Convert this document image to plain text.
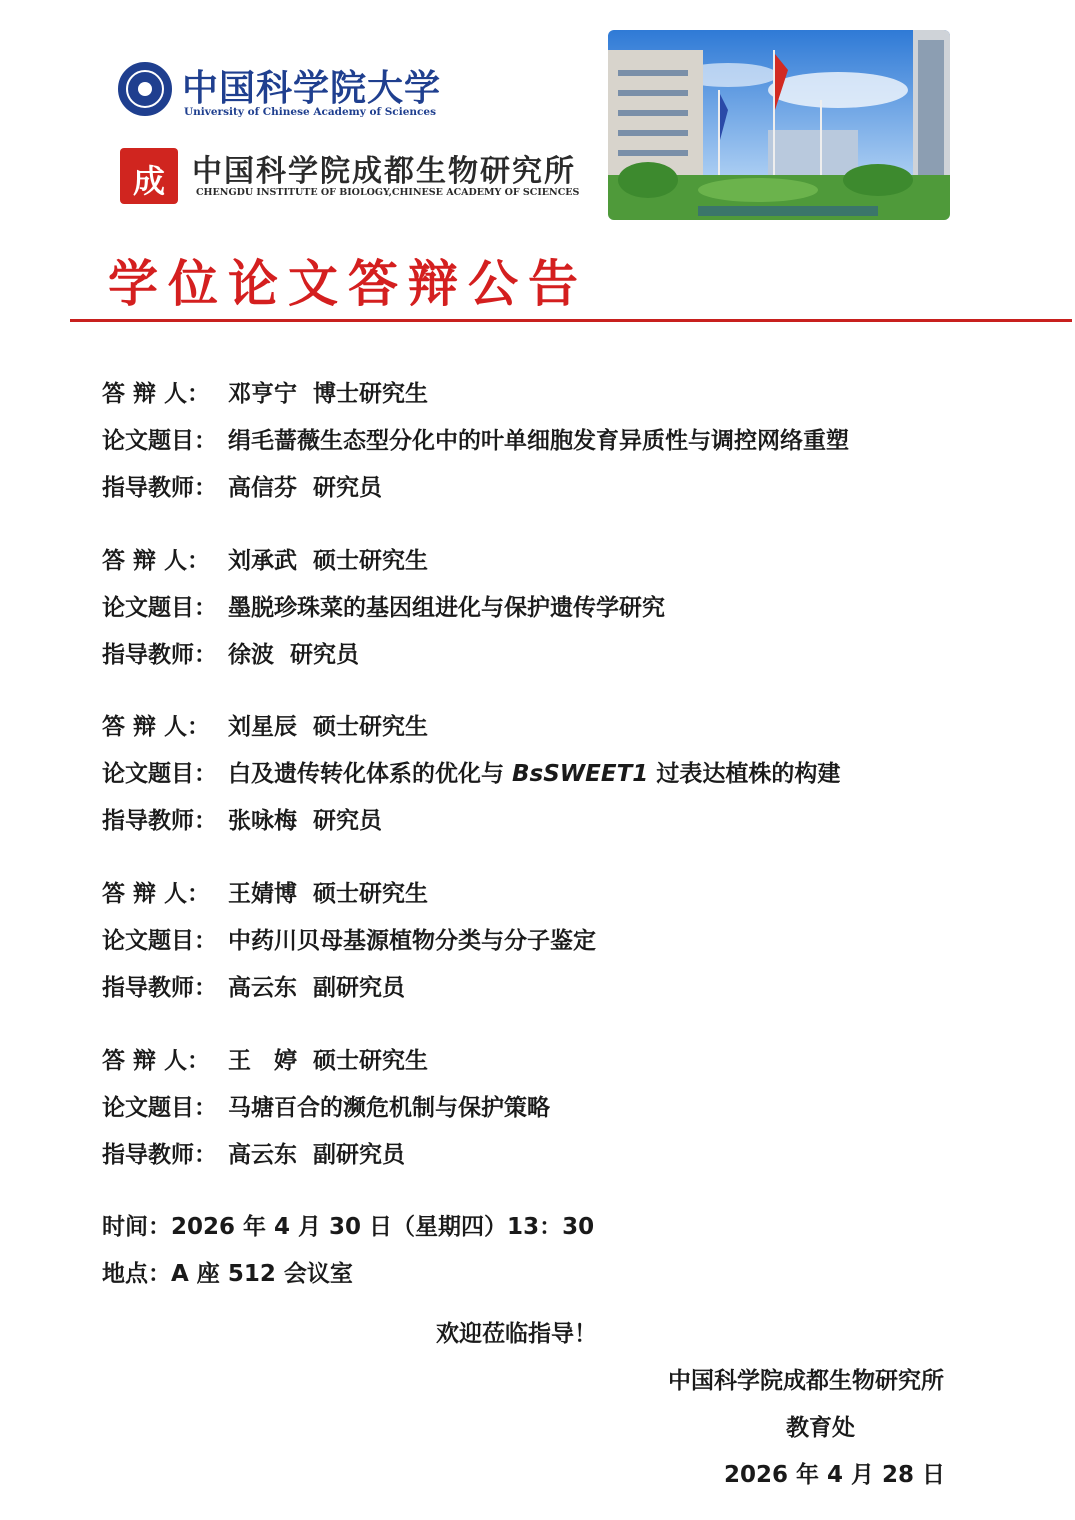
中国科学院大学
University of Chinese Academy of Sciences
成 中国科学院成都生物研究所
CHENGDU INSTITUTE OF BIOLOGY,CHINESE ACADEMY OF SCIENCES
学位论文答辩公告
答 辩 人： 邓亨宁 博士研究生
论文题目： 绢毛蔷薇生态型分化中的叶单细胞发育异质性与调控网络重塑
指导教师： 高信芬 研究员
答 辩 人： 刘承武 硕士研究生
论文题目： 墨脱珍珠菜的基因组进化与保护遗传学研究
指导教师： 徐波 研究员
答 辩 人： 刘星辰 硕士研究生
论文题目： 白及遗传转化体系的优化与 BsSWEET1 过表达植株的构建
指导教师： 张咏梅 研究员
答 辩 人： 王婧博 硕士研究生
论文题目： 中药川贝母基源植物分类与分子鉴定
指导教师： 高云东 副研究员
答 辩 人： 王　婷 硕士研究生
论文题目： 马塘百合的濒危机制与保护策略
指导教师： 高云东 副研究员
时间：2026 年 4 月 30 日（星期四）13：30
地点：A 座 512 会议室
欢迎莅临指导！
中国科学院成都生物研究所
教育处
2026 年 4 月 28 日
